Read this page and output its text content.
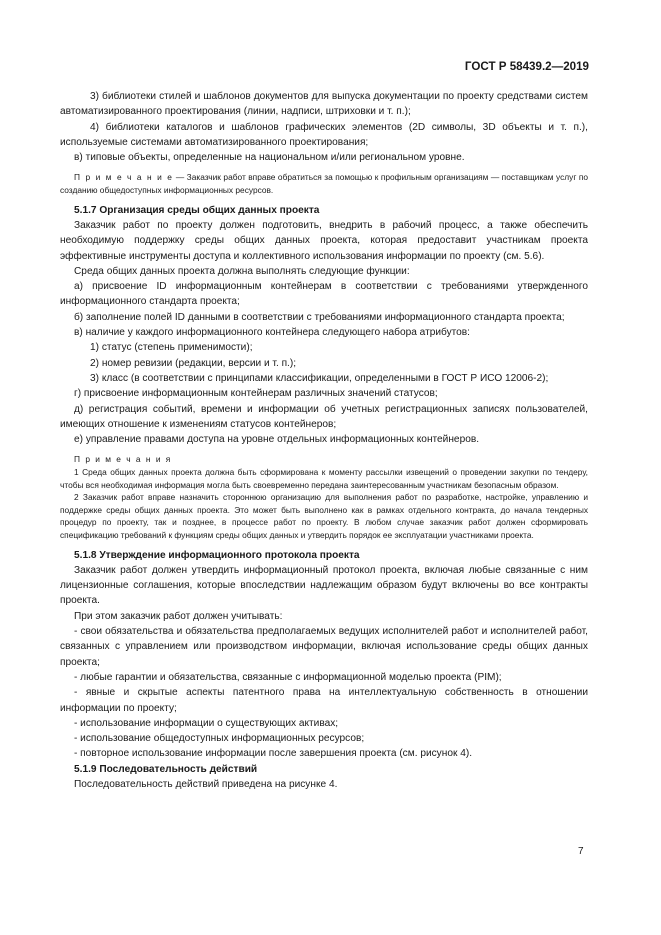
ГОСТ Р 58439.2—2019

3) библиотеки стилей и шаблонов документов для выпуска документации по проекту средствами систем автоматизированного проектирования (линии, надписи, штриховки и т. п.);

4) библиотеки каталогов и шаблонов графических элементов (2D символы, 3D объекты и т. п.), используемые системами автоматизированного проектирования;

в) типовые объекты, определенные на национальном и/или региональном уровне.

П р и м е ч а н и е — Заказчик работ вправе обратиться за помощью к профильным организациям — поставщикам услуг по созданию общедоступных информационных ресурсов.

5.1.7 Организация среды общих данных проекта

Заказчик работ по проекту должен подготовить, внедрить в рабочий процесс, а также обеспечить необходимую поддержку среды общих данных проекта, которая предоставит участникам проекта эффективные инструменты доступа и коллективного использования информации по проекту (см. 5.6).

Среда общих данных проекта должна выполнять следующие функции:

а) присвоение ID информационным контейнерам в соответствии с требованиями утвержденного информационного стандарта проекта;

б) заполнение полей ID данными в соответствии с требованиями информационного стандарта проекта;

в) наличие у каждого информационного контейнера следующего набора атрибутов:

1) статус (степень применимости);

2) номер ревизии (редакции, версии и т. п.);

3) класс (в соответствии с принципами классификации, определенными в ГОСТ Р ИСО 12006-2);

г) присвоение информационным контейнерам различных значений статусов;

д) регистрация событий, времени и информации об учетных регистрационных записях пользователей, имеющих отношение к изменениям статусов контейнеров;

е) управление правами доступа на уровне отдельных информационных контейнеров.

П р и м е ч а н и я

1 Среда общих данных проекта должна быть сформирована к моменту рассылки извещений о проведении закупки по тендеру, чтобы вся необходимая информация могла быть своевременно передана заинтересованным участникам безопасным образом.

2 Заказчик работ вправе назначить стороннюю организацию для выполнения работ по разработке, настройке, управлению и поддержке среды общих данных проекта. Это может быть выполнено как в рамках отдельного контракта, до начала тендерных процедур по проекту, так и позднее, в процессе работ по проекту. В любом случае заказчик работ должен сформировать спецификацию требований к функциям среды общих данных и утвердить порядок ее эксплуатации участниками проекта.

5.1.8 Утверждение информационного протокола проекта

Заказчик работ должен утвердить информационный протокол проекта, включая любые связанные с ним лицензионные соглашения, которые впоследствии надлежащим образом будут включены во все контракты проекта.

При этом заказчик работ должен учитывать:

- свои обязательства и обязательства предполагаемых ведущих исполнителей работ и исполнителей работ, связанных с управлением или производством информации, включая использование среды общих данных проекта;

- любые гарантии и обязательства, связанные с информационной моделью проекта (PIM);

- явные и скрытые аспекты патентного права на интеллектуальную собственность в отношении информации по проекту;

- использование информации о существующих активах;

- использование общедоступных информационных ресурсов;

- повторное использование информации после завершения проекта (см. рисунок 4).

5.1.9 Последовательность действий

Последовательность действий приведена на рисунке 4.

7
